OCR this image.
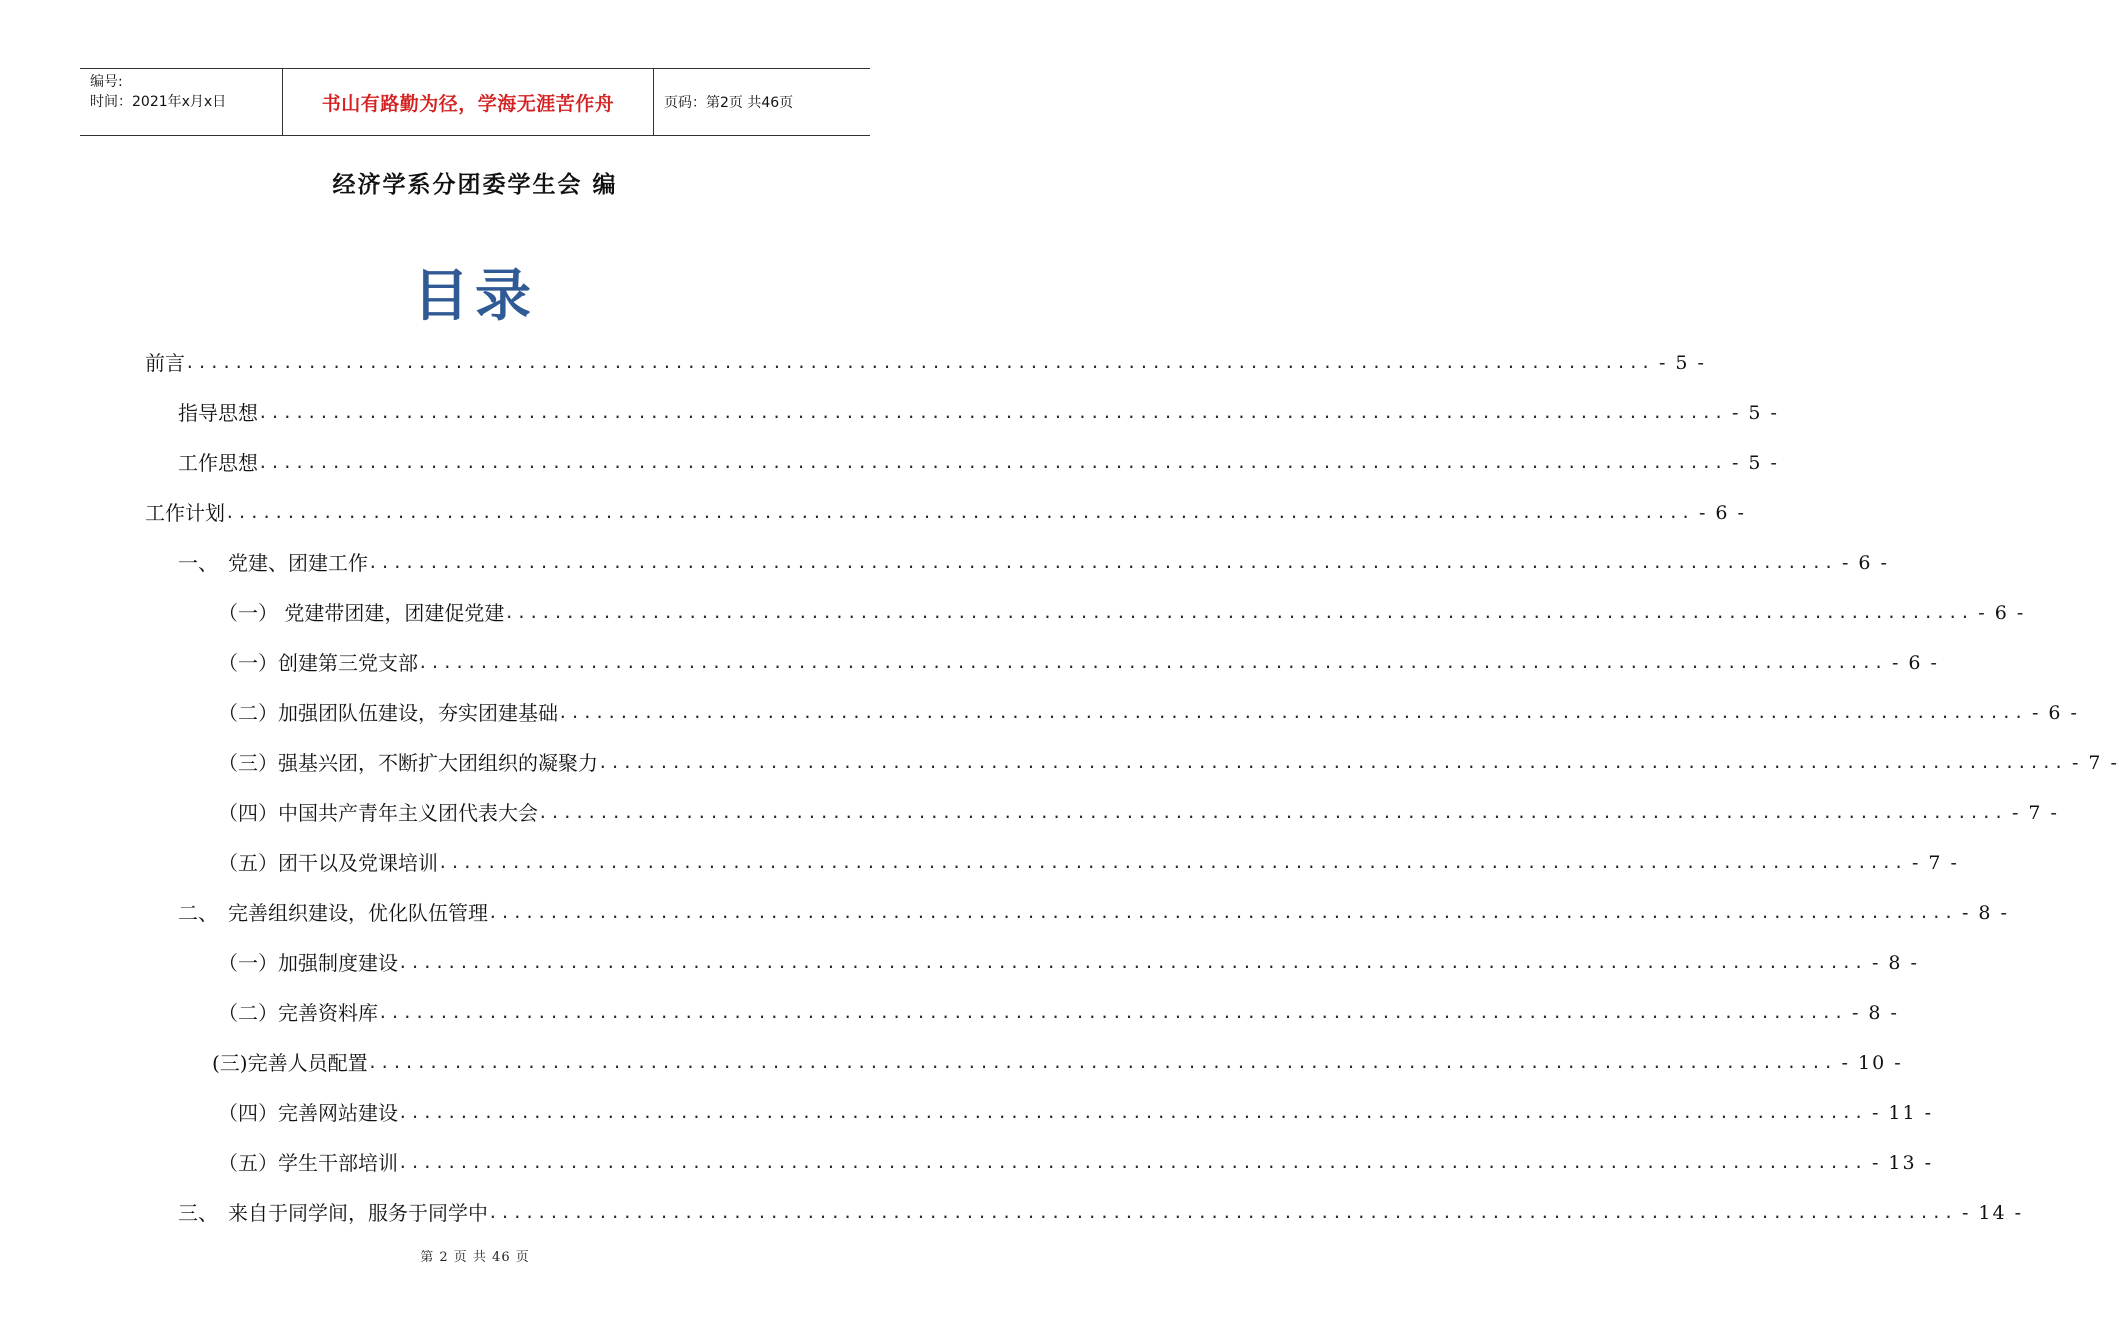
编号:
时间：2021年x月x日	书山有路勤为径，学海无涯苦作舟	页码：第2页 共46页
经济学系分团委学生会 编
目录
前言 ........................................................................................................................ - 5 -
指导思想 ........................................................................................................................ - 5 -
工作思想 ........................................................................................................................ - 5 -
工作计划 ........................................................................................................................ - 6 -
一、　党建、团建工作 ........................................................................................................................ - 6 -
（一） 党建带团建，团建促党建 ........................................................................................................................ - 6 -
（一）创建第三党支部 ........................................................................................................................ - 6 -
（二）加强团队伍建设，夯实团建基础 ........................................................................................................................ - 6 -
（三）强基兴团，不断扩大团组织的凝聚力 ........................................................................................................................ - 7 -
（四）中国共产青年主义团代表大会 ........................................................................................................................ - 7 -
（五）团干以及党课培训 ........................................................................................................................ - 7 -
二、　完善组织建设，优化队伍管理 ........................................................................................................................ - 8 -
（一）加强制度建设 ........................................................................................................................ - 8 -
（二）完善资料库 ........................................................................................................................ - 8 -
(三)完善人员配置 ........................................................................................................................ - 10 -
（四）完善网站建设 ........................................................................................................................ - 11 -
（五）学生干部培训 ........................................................................................................................ - 13 -
三、　来自于同学间，服务于同学中 ........................................................................................................................ - 14 -
第 2 页 共 46 页
